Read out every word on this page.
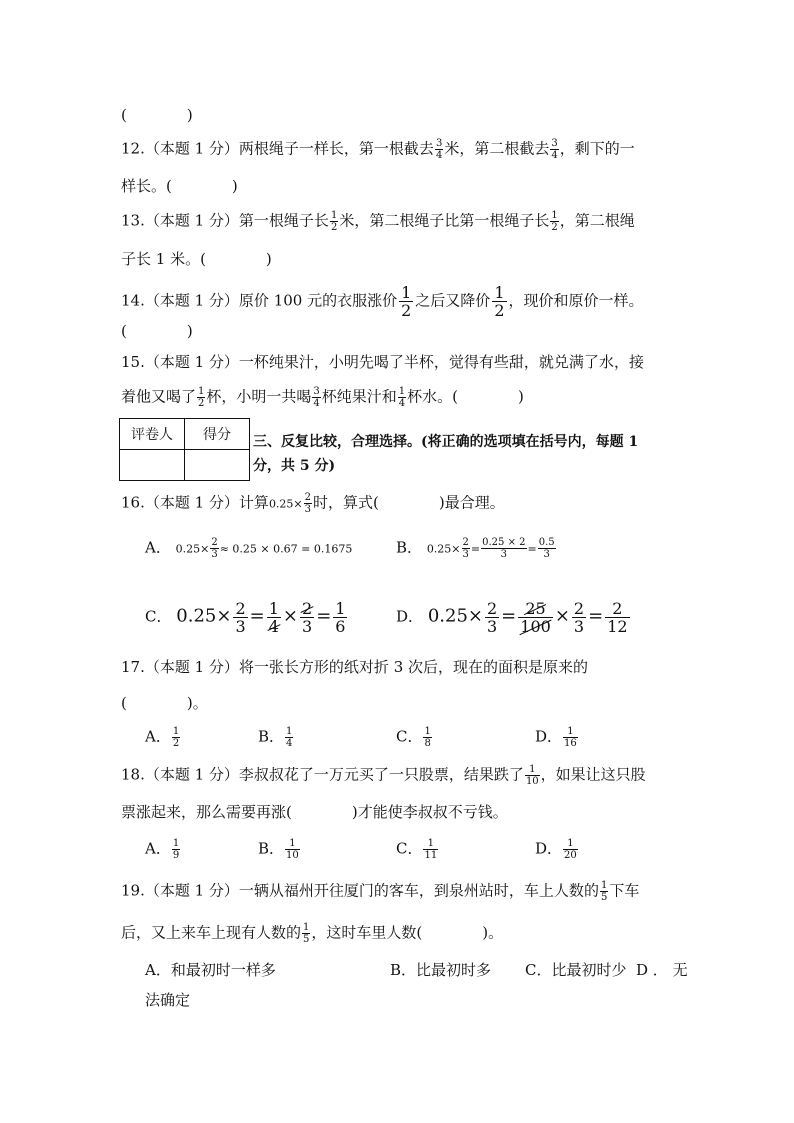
(　　　　)
12.（本题 1 分）两根绳子一样长，第一根截去 $\frac{3}{4}$ 米，第二根截去 $\frac{3}{4}$ ，剩下的一
样长。(　　　　)
13.（本题 1 分）第一根绳子长 $\frac{1}{2}$ 米，第二根绳子比第一根绳子长 $\frac{1}{2}$ ，第二根绳
子长 1 米。(　　　　)
14.（本题 1 分）原价 100 元的衣服涨价 $\frac{1}{2}$ 之后又降价 $\frac{1}{2}$ ，现价和原价一样。
(　　　　)
15.（本题 1 分）一杯纯果汁，小明先喝了半杯，觉得有些甜，就兑满了水，接
着他又喝了 $\frac{1}{2}$ 杯，小明一共喝 $\frac{3}{4}$ 杯纯果汁和 $\frac{1}{4}$ 杯水。(　　　　)
评卷人	得分
	三、反复比较，合理选择。(将正确的选项填在括号内，每题 1分，共 5 分)
16.（本题 1 分）计算$0.25\times \frac{2}{3}$ 时，算式(　　　　)最合理。
A． $0.25\times \frac{2}{3} \approx 0.25 \times 0.67 = 0.1675$	B． $0.25\times \frac{2}{3} = \frac{0.25 \times 2}{3} = \frac{0.5}{3}$
C． $0.25\times \frac{2}{3} = \frac{1}{4} \times \frac{2}{3} = \frac{1}{6}$	D． $0.25\times \frac{2}{3} = \frac{25}{100} \times \frac{2}{3} = \frac{2}{12}$
17.（本题 1 分）将一张长方形的纸对折 3 次后，现在的面积是原来的
(　　　　)。
A． $\frac{1}{2}$	B． $\frac{1}{4}$	C． $\frac{1}{8}$	D． $\frac{1}{16}$
18.（本题 1 分）李叔叔花了一万元买了一只股票，结果跌了 $\frac{1}{10}$ ，如果让这只股
票涨起来，那么需要再涨(　　　　)才能使李叔叔不亏钱。
A． $\frac{1}{9}$	B． $\frac{1}{10}$	C． $\frac{1}{11}$	D． $\frac{1}{20}$
19.（本题 1 分）一辆从福州开往厦门的客车，到泉州站时，车上人数的 $\frac{1}{5}$ 下车
后，又上来车上现有人数的 $\frac{1}{5}$ ，这时车里人数(　　　　)。
A．和最初时一样多	B．比最初时多 C．比最初时少 D ． 无
法确定
